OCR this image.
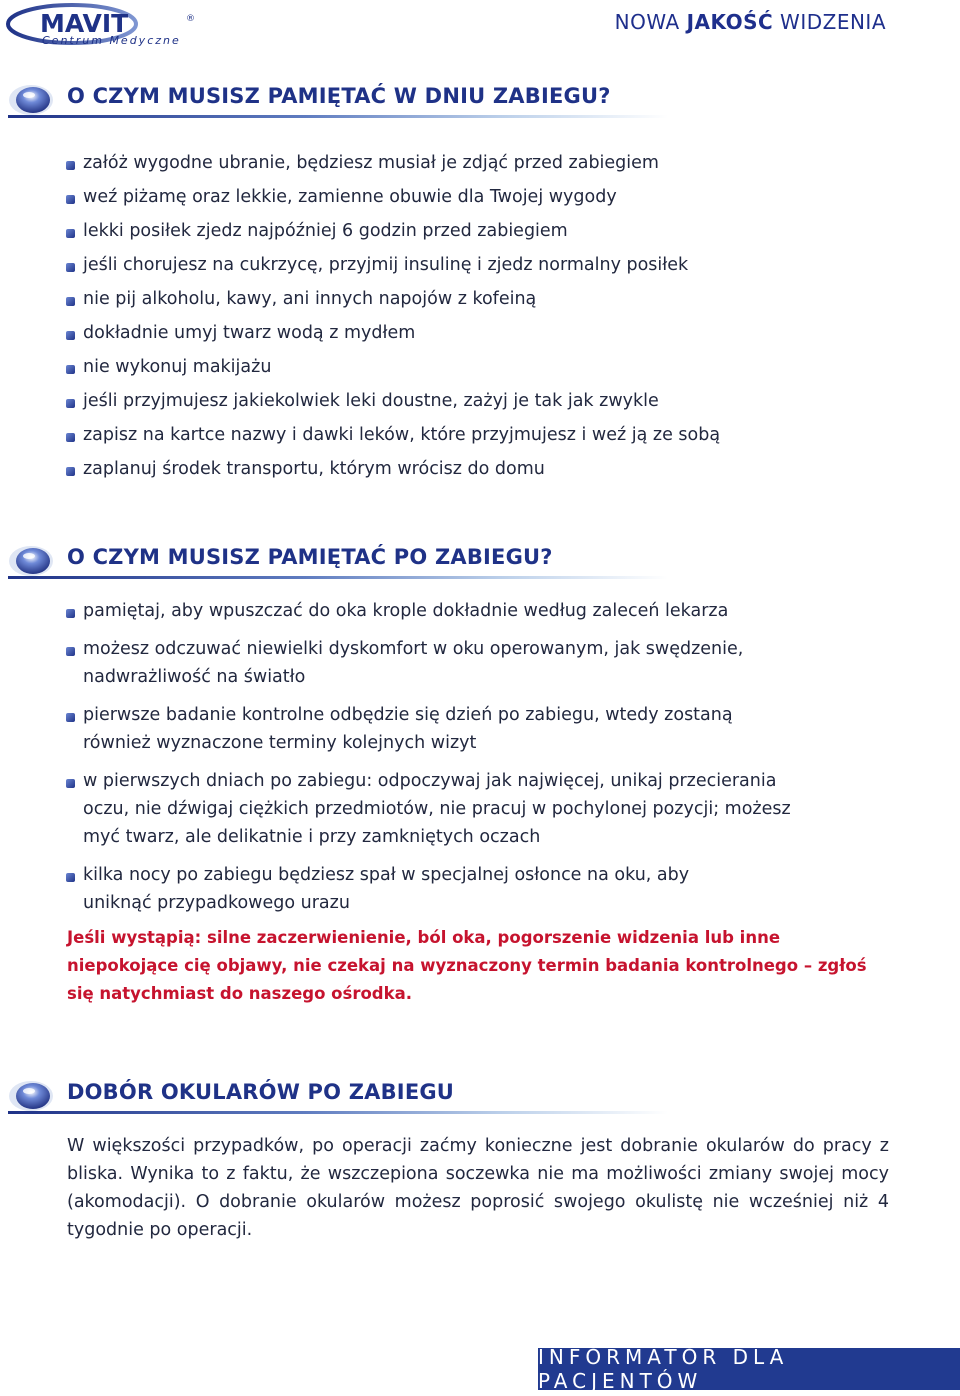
MAVIT	®
Centrum Medyczne
NOWA JAKOŚĆ WIDZENIA
O CZYM MUSISZ PAMIĘTAĆ W DNIU ZABIEGU?
załóż wygodne ubranie, będziesz musiał je zdjąć przed zabiegiem
weź piżamę oraz lekkie, zamienne obuwie dla Twojej wygody
lekki posiłek zjedz najpóźniej 6 godzin przed zabiegiem
jeśli chorujesz na cukrzycę, przyjmij insulinę i zjedz normalny posiłek
nie pij alkoholu, kawy, ani innych napojów z kofeiną
dokładnie umyj twarz wodą z mydłem
nie wykonuj makijażu
jeśli przyjmujesz jakiekolwiek leki doustne, zażyj je tak jak zwykle
zapisz na kartce nazwy i dawki leków, które przyjmujesz i weź ją ze sobą
zaplanuj środek transportu, którym wrócisz do domu
O CZYM MUSISZ PAMIĘTAĆ PO ZABIEGU?
pamiętaj, aby wpuszczać do oka krople dokładnie według zaleceń lekarza
możesz odczuwać niewielki dyskomfort w oku operowanym, jak swędzenie, nadwrażliwość na światło
pierwsze badanie kontrolne odbędzie się dzień po zabiegu, wtedy zostaną również wyznaczone terminy kolejnych wizyt
w pierwszych dniach po zabiegu: odpoczywaj jak najwięcej, unikaj przecierania oczu, nie dźwigaj ciężkich przedmiotów, nie pracuj w pochylonej pozycji; możesz myć twarz, ale delikatnie i przy zamkniętych oczach
kilka nocy po zabiegu będziesz spał w specjalnej osłonce na oku, aby uniknąć przypadkowego urazu
Jeśli wystąpią: silne zaczerwienienie, ból oka, pogorszenie widzenia lub inne niepokojące cię objawy, nie czekaj na wyznaczony termin badania kontrolnego – zgłoś się natychmiast do naszego ośrodka.
DOBÓR OKULARÓW PO ZABIEGU
W większości przypadków, po operacji zaćmy konieczne jest dobranie okularów do pracy z bliska. Wynika to z faktu, że wszczepiona soczewka nie ma możliwości zmiany swojej mocy (akomodacji). O dobranie okularów możesz poprosić swojego okulistę nie wcześniej niż 4 tygodnie po operacji.
INFORMATOR DLA PACJENTÓW
